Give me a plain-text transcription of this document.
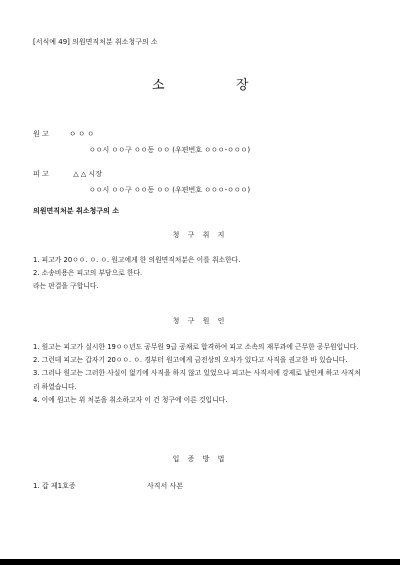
[서식예 49] 의원면직처분 취소청구의 소
소	장
원 고	ㅇ ㅇ ㅇ
ㅇㅇ시 ㅇㅇ구 ㅇㅇ동 ㅇㅇ (우편번호 ㅇㅇㅇ-ㅇㅇㅇ)
피 고	△ △ 시장
ㅇㅇ시 ㅇㅇ구 ㅇㅇ동 ㅇㅇ (우편번호 ㅇㅇㅇ-ㅇㅇㅇ)
의원면직처분 취소청구의 소
청 구 취 지

1. 피고가 20ㅇㅇ. ㅇ. ㅇ. 원고에게 한 의원면직처분은 이를 취소한다.

2. 소송비용은 피고의 부담으로 한다.

라는 판결을 구합니다.

청 구 원 인

1. 원고는 피고가 실시한 19ㅇㅇ년도 공무원 9급 공채로 합격하여 피고 소속의 재무과에 근무한 공무원입니다.

2. 그런데 피고는 갑자기 20ㅇㅇ. ㅇ. 경부터 원고에게 금전상의 오차가 있다고 사직을 권고한 바 있습니다.

3. 그러나 원고는 그러한 사실이 없기에 사직을 하지 않고 있었으나 피고는 사직서에 강제로 날인케 하고 사직처리 하였습니다.

4. 이에 원고는 위 처분을 취소하고자 이 건 청구에 이른 것입니다.

입 증 방 법
1. 갑 제1호증	사직서 사본
